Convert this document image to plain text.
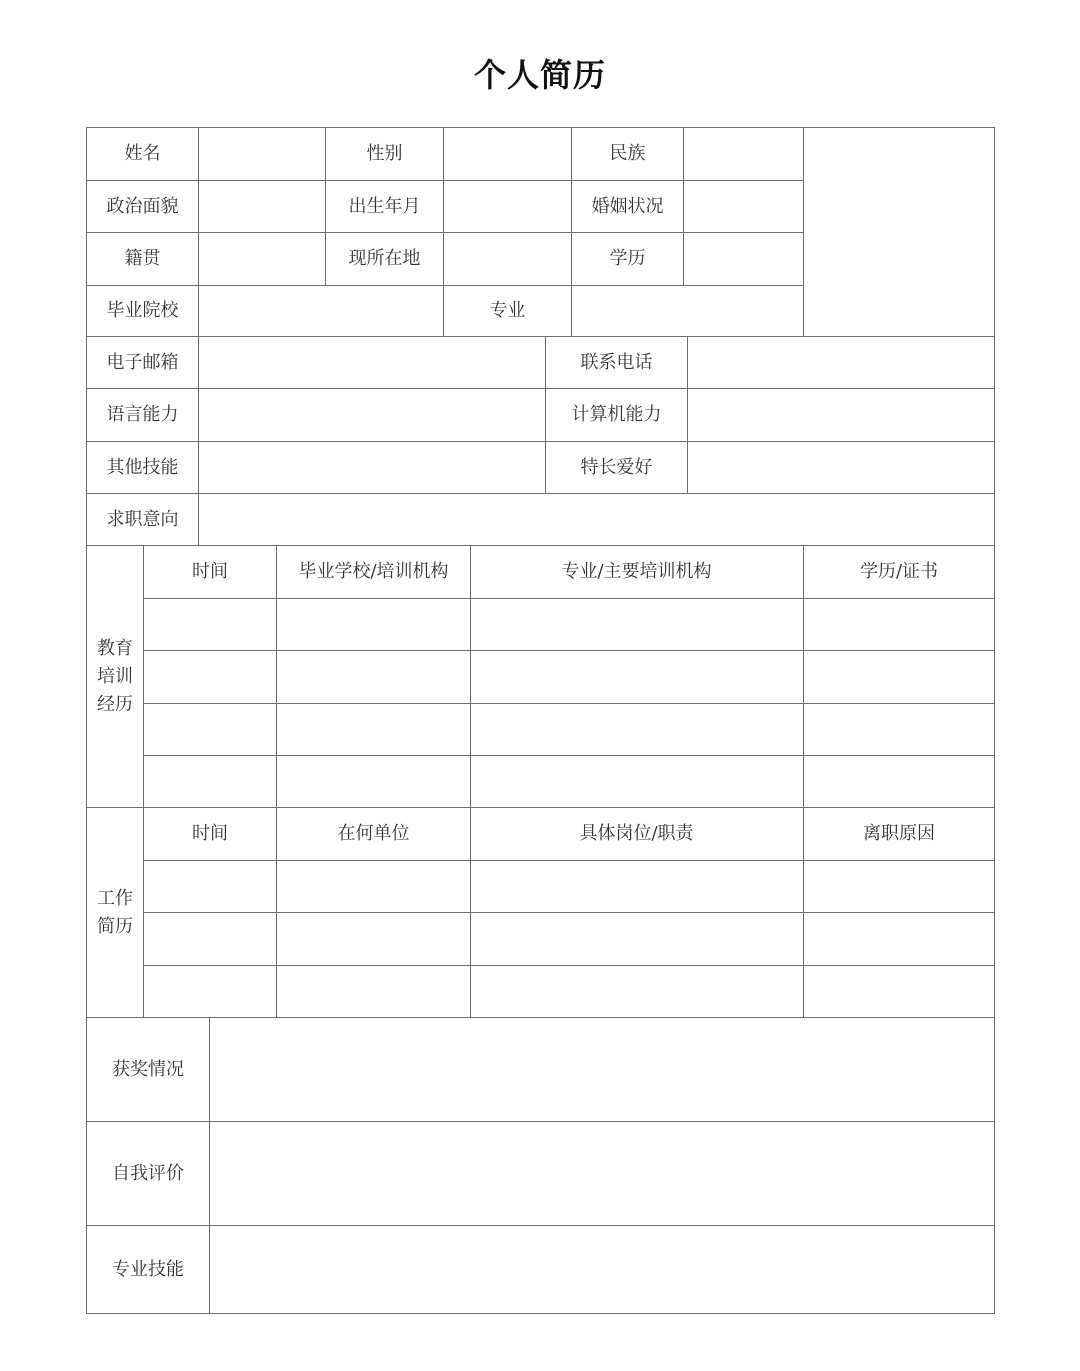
个人简历
姓名	性别	民族
政治面貌	出生年月	婚姻状况
籍贯	现所在地	学历
毕业院校	专业
电子邮箱	联系电话
语言能力	计算机能力
其他技能	特长爱好
求职意向
教育
培训
经历
时间	毕业学校/培训机构	专业/主要培训机构	学历/证书
工作
简历
时间	在何单位	具体岗位/职责	离职原因
获奖情况
自我评价
专业技能
